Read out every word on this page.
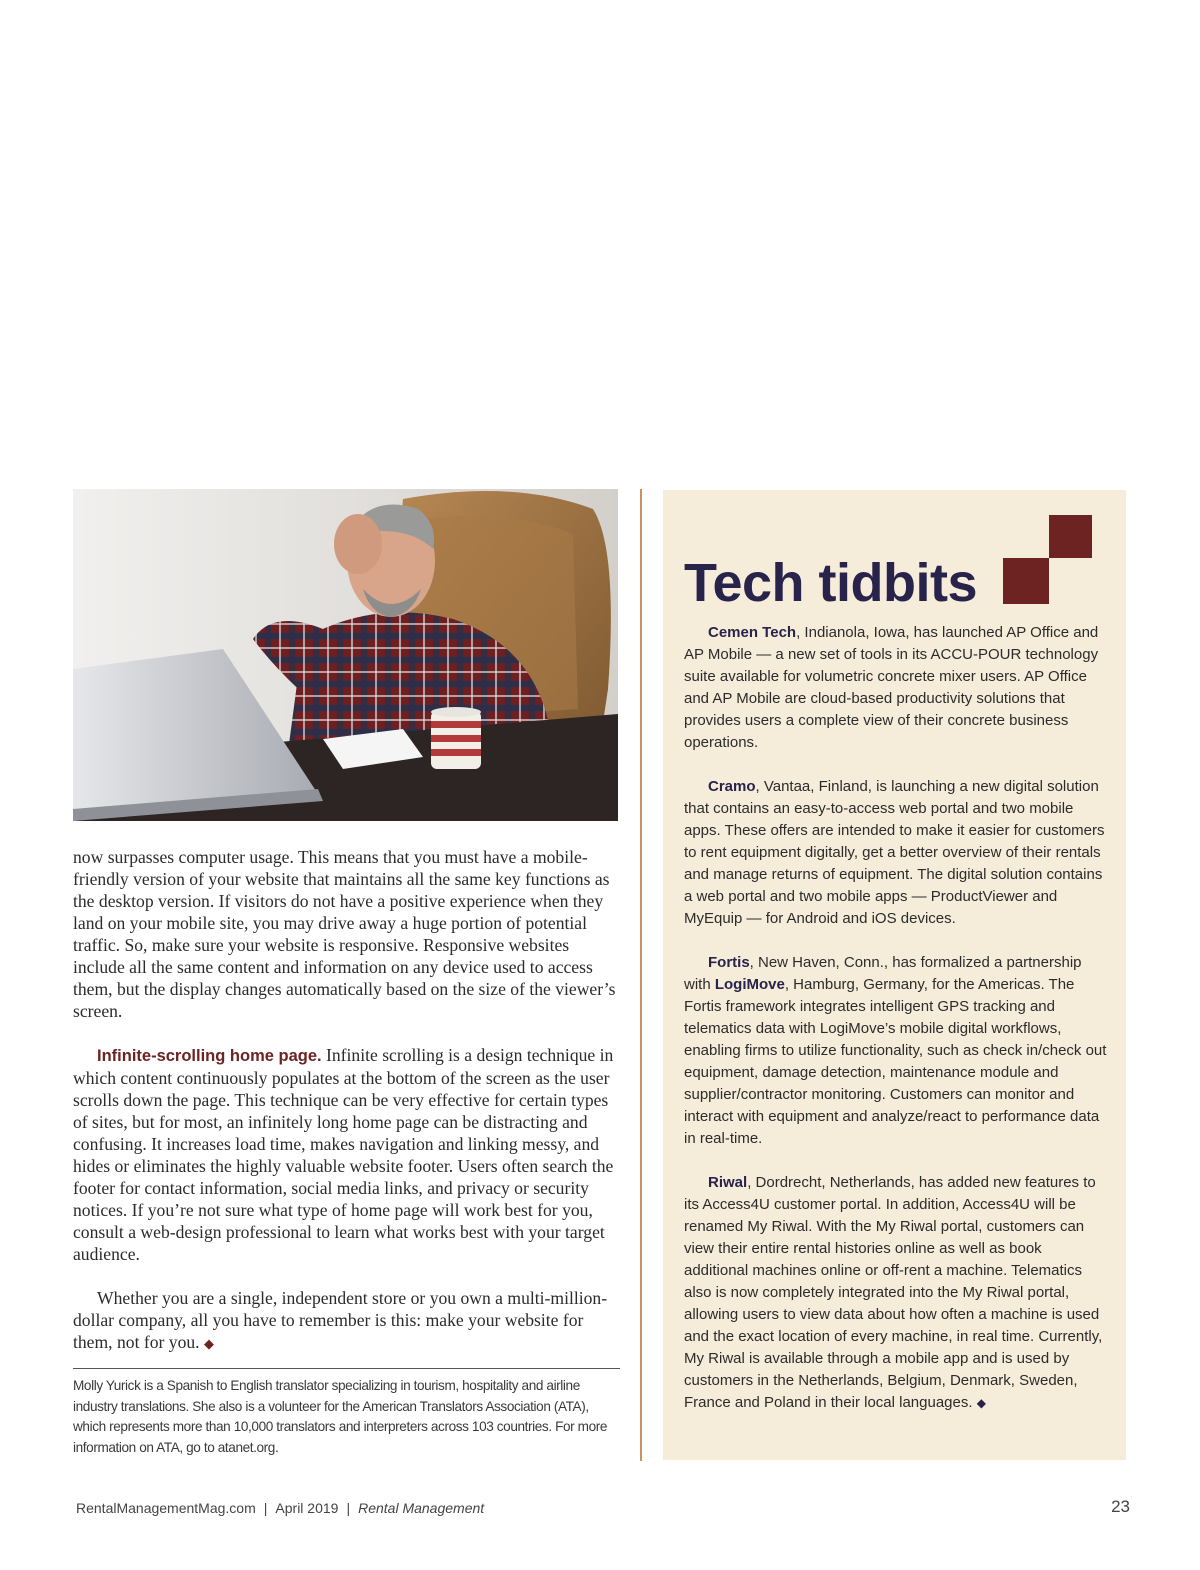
now surpasses computer usage. This means that you must have a mobile-friendly version of your website that maintains all the same key functions as the desktop version. If visitors do not have a positive experience when they land on your mobile site, you may drive away a huge portion of potential traffic. So, make sure your website is responsive. Responsive websites include all the same content and information on any device used to access them, but the display changes automatically based on the size of the viewer’s screen.

Infinite-scrolling home page. Infinite scrolling is a design technique in which content continuously populates at the bottom of the screen as the user scrolls down the page. This technique can be very effective for certain types of sites, but for most, an infinitely long home page can be distracting and confusing. It increases load time, makes navigation and linking messy, and hides or eliminates the highly valuable website footer. Users often search the footer for contact information, social media links, and privacy or security notices. If you’re not sure what type of home page will work best for you, consult a web-design professional to learn what works best with your target audience.

Whether you are a single, independent store or you own a multi-million-dollar company, all you have to remember is this: make your website for them, not for you. ◆

Molly Yurick is a Spanish to English translator specializing in tourism, hospitality and airline industry translations. She also is a volunteer for the American Translators Association (ATA), which represents more than 10,000 translators and interpreters across 103 countries. For more information on ATA, go to atanet.org.
Tech tidbits

Cemen Tech, Indianola, Iowa, has launched AP Office and AP Mobile — a new set of tools in its ACCU-POUR technology suite available for volumetric concrete mixer users. AP Office and AP Mobile are cloud-based productivity solutions that provides users a complete view of their concrete business operations.

Cramo, Vantaa, Finland, is launching a new digital solution that contains an easy-to-access web portal and two mobile apps. These offers are intended to make it easier for customers to rent equipment digitally, get a better overview of their rentals and manage returns of equipment. The digital solution contains a web portal and two mobile apps — ProductViewer and MyEquip — for Android and iOS devices.

Fortis, New Haven, Conn., has formalized a partnership with LogiMove, Hamburg, Germany, for the Americas. The Fortis framework integrates intelligent GPS tracking and telematics data with LogiMove’s mobile digital workflows, enabling firms to utilize functionality, such as check in/check out equipment, damage detection, maintenance module and supplier/contractor monitoring. Customers can monitor and interact with equipment and analyze/react to performance data in real-time.

Riwal, Dordrecht, Netherlands, has added new features to its Access4U customer portal. In addition, Access4U will be renamed My Riwal. With the My Riwal portal, customers can view their entire rental histories online as well as book additional machines online or off-rent a machine. Telematics also is now completely integrated into the My Riwal portal, allowing users to view data about how often a machine is used and the exact location of every machine, in real time. Currently, My Riwal is available through a mobile app and is used by customers in the Netherlands, Belgium, Denmark, Sweden, France and Poland in their local languages. ◆

RentalManagementMag.com | April 2019 | Rental Management	23
